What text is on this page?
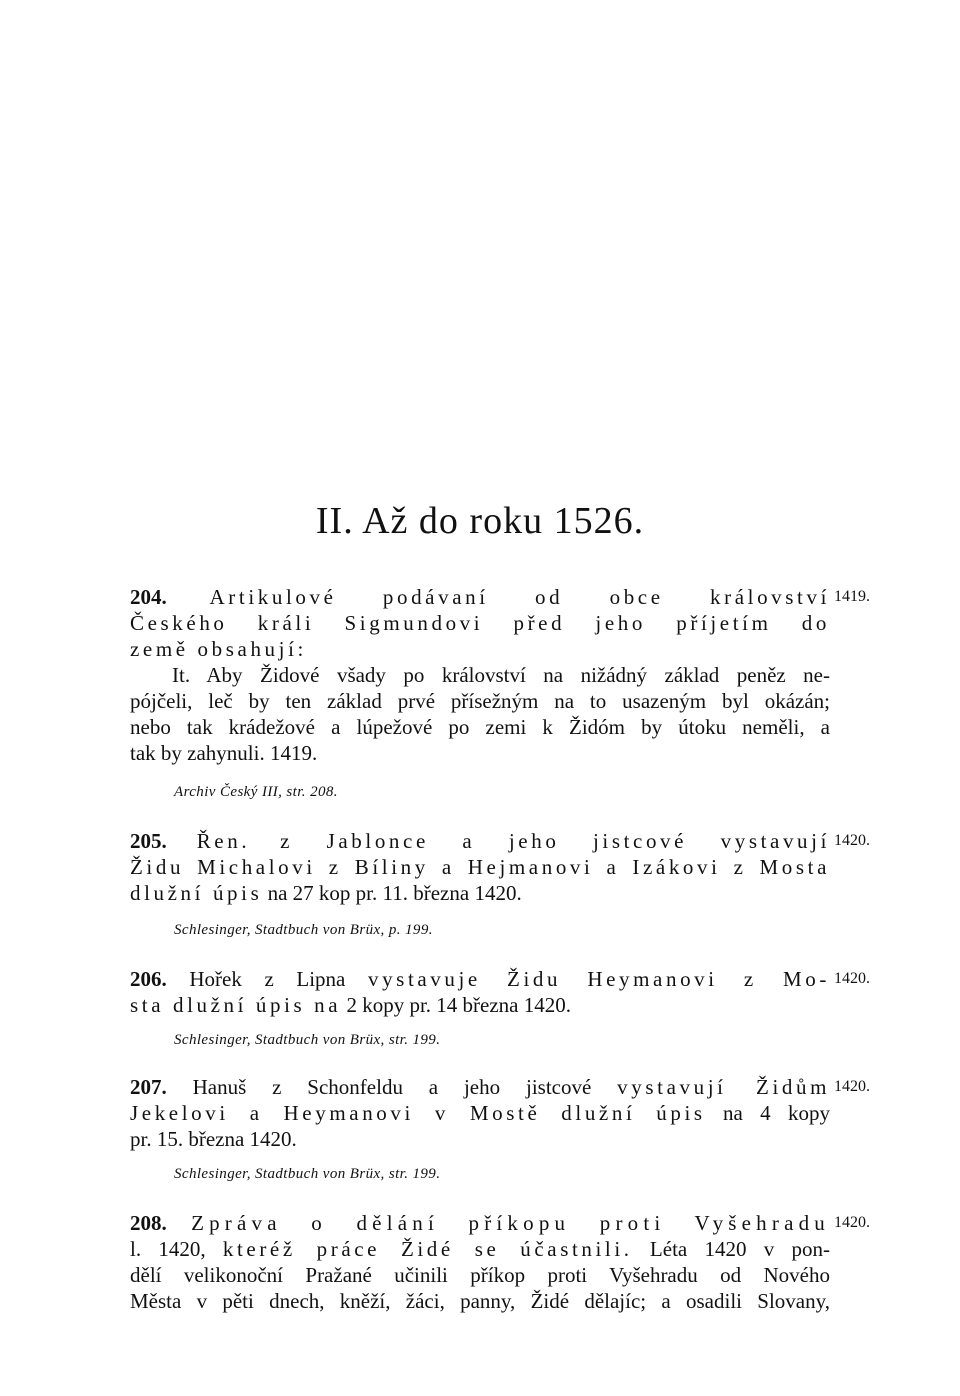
II. Až do roku 1526.
204. Artikulové podávaní od obce království
Českého králi Sigmundovi před jeho příjetím do
země obsahují:
It. Aby Židové všady po království na nižádný základ peněz ne-
pójčeli, leč by ten základ prvé přísežným na to usazeným byl okázán;
nebo tak krádežové a lúpežové po zemi k Židóm by útoku neměli, a
tak by zahynuli. 1419.
1419.
Archiv Český III, str. 208.
205. Řen. z Jablonce a jeho jistcové vystavují
Židu Michalovi z Bíliny a Hejmanovi a Izákovi z Mosta
dlužní úpis na 27 kop pr. 11. března 1420.
1420.
Schlesinger, Stadtbuch von Brüx, p. 199.
206. Hořek z Lipna vystavuje Židu Heymanovi z Mo-
sta dlužní úpis na 2 kopy pr. 14 března 1420.
1420.
Schlesinger, Stadtbuch von Brüx, str. 199.
207. Hanuš z Schonfeldu a jeho jistcové vystavují Židům
Jekelovi a Heymanovi v Mostě dlužní úpis na 4 kopy
pr. 15. března 1420.
1420.
Schlesinger, Stadtbuch von Brüx, str. 199.
208. Zpráva o dělání příkopu proti Vyšehradu
l. 1420, kteréž práce Židé se účastnili. Léta 1420 v pon-
dělí velikonoční Pražané učinili příkop proti Vyšehradu od Nového
Města v pěti dnech, kněží, žáci, panny, Židé dělajíc; a osadili Slovany,
1420.
